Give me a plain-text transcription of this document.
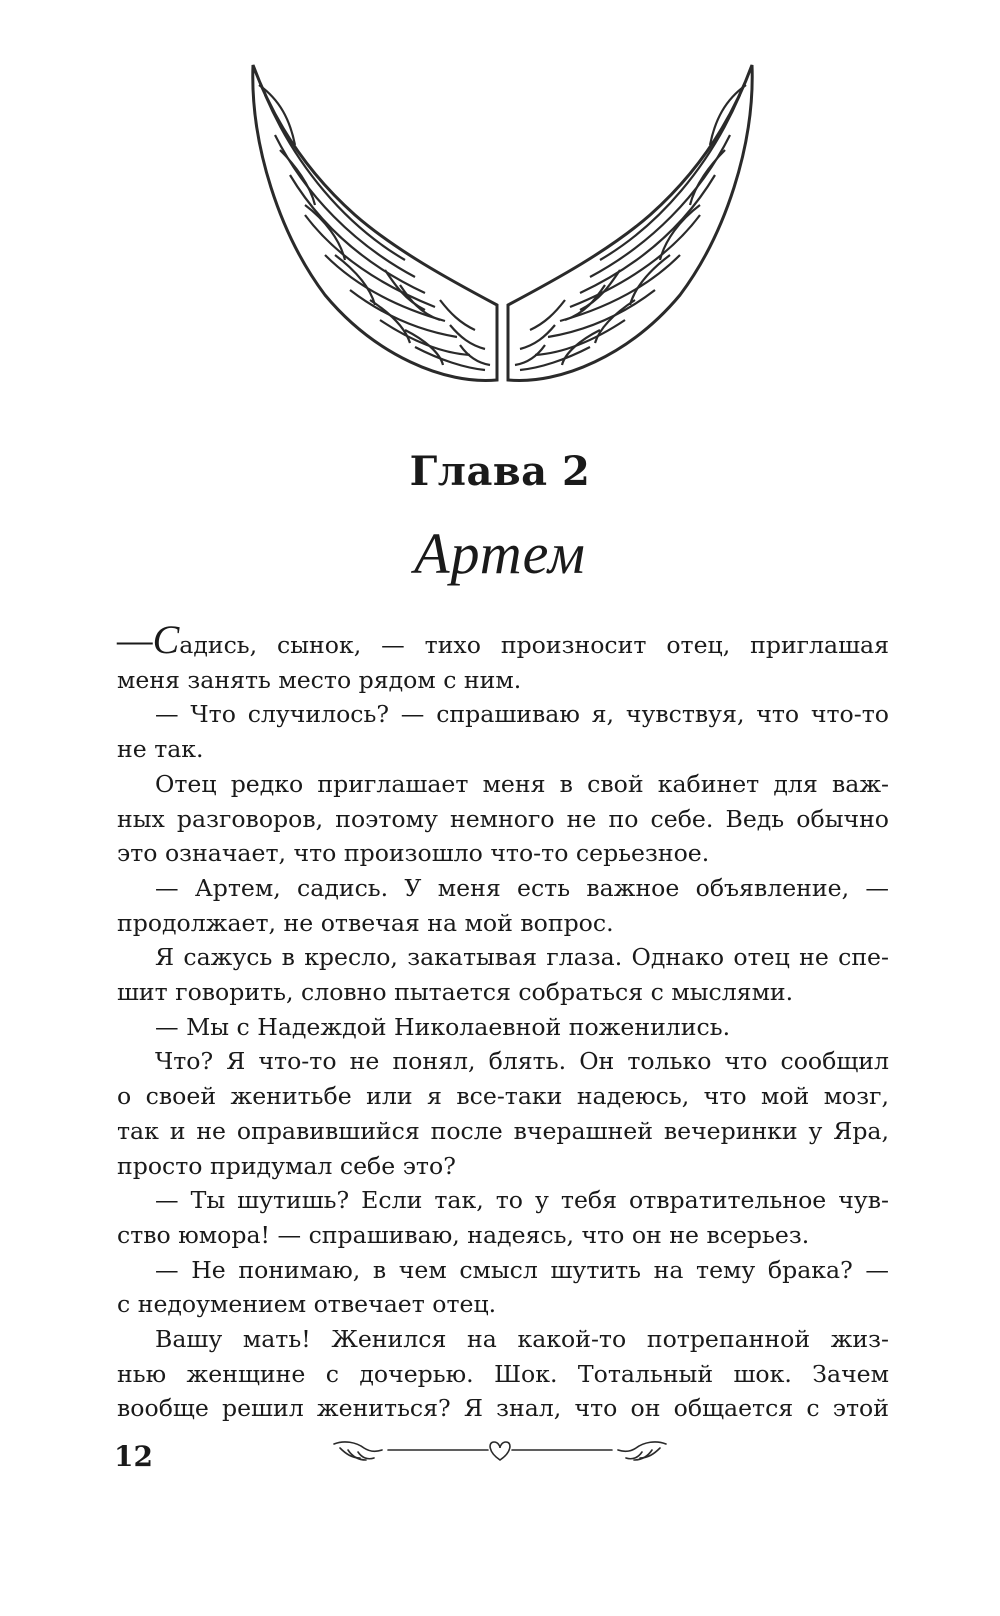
Глава 2
Артем
—Садись, сынок, — тихо произносит отец, приглашая
меня занять место рядом с ним.
— Что случилось? — спрашиваю я, чувствуя, что что-то
не так.
Отец редко приглашает меня в свой кабинет для важ-
ных разговоров, поэтому немного не по себе. Ведь обычно
это означает, что произошло что-то серьезное.
— Артем, садись. У меня есть важное объявление, —
продолжает, не отвечая на мой вопрос.
Я сажусь в кресло, закатывая глаза. Однако отец не спе-
шит говорить, словно пытается собраться с мыслями.
— Мы с Надеждой Николаевной поженились.
Что? Я что-то не понял, блять. Он только что сообщил
о своей женитьбе или я все-таки надеюсь, что мой мозг,
так и не оправившийся после вчерашней вечеринки у Яра,
просто придумал себе это?
— Ты шутишь? Если так, то у тебя отвратительное чув-
ство юмора! — спрашиваю, надеясь, что он не всерьез.
— Не понимаю, в чем смысл шутить на тему брака? —
с недоумением отвечает отец.
Вашу мать! Женился на какой-то потрепанной жиз-
нью женщине с дочерью. Шок. Тотальный шок. Зачем
вообще решил жениться? Я знал, что он общается с этой
12
